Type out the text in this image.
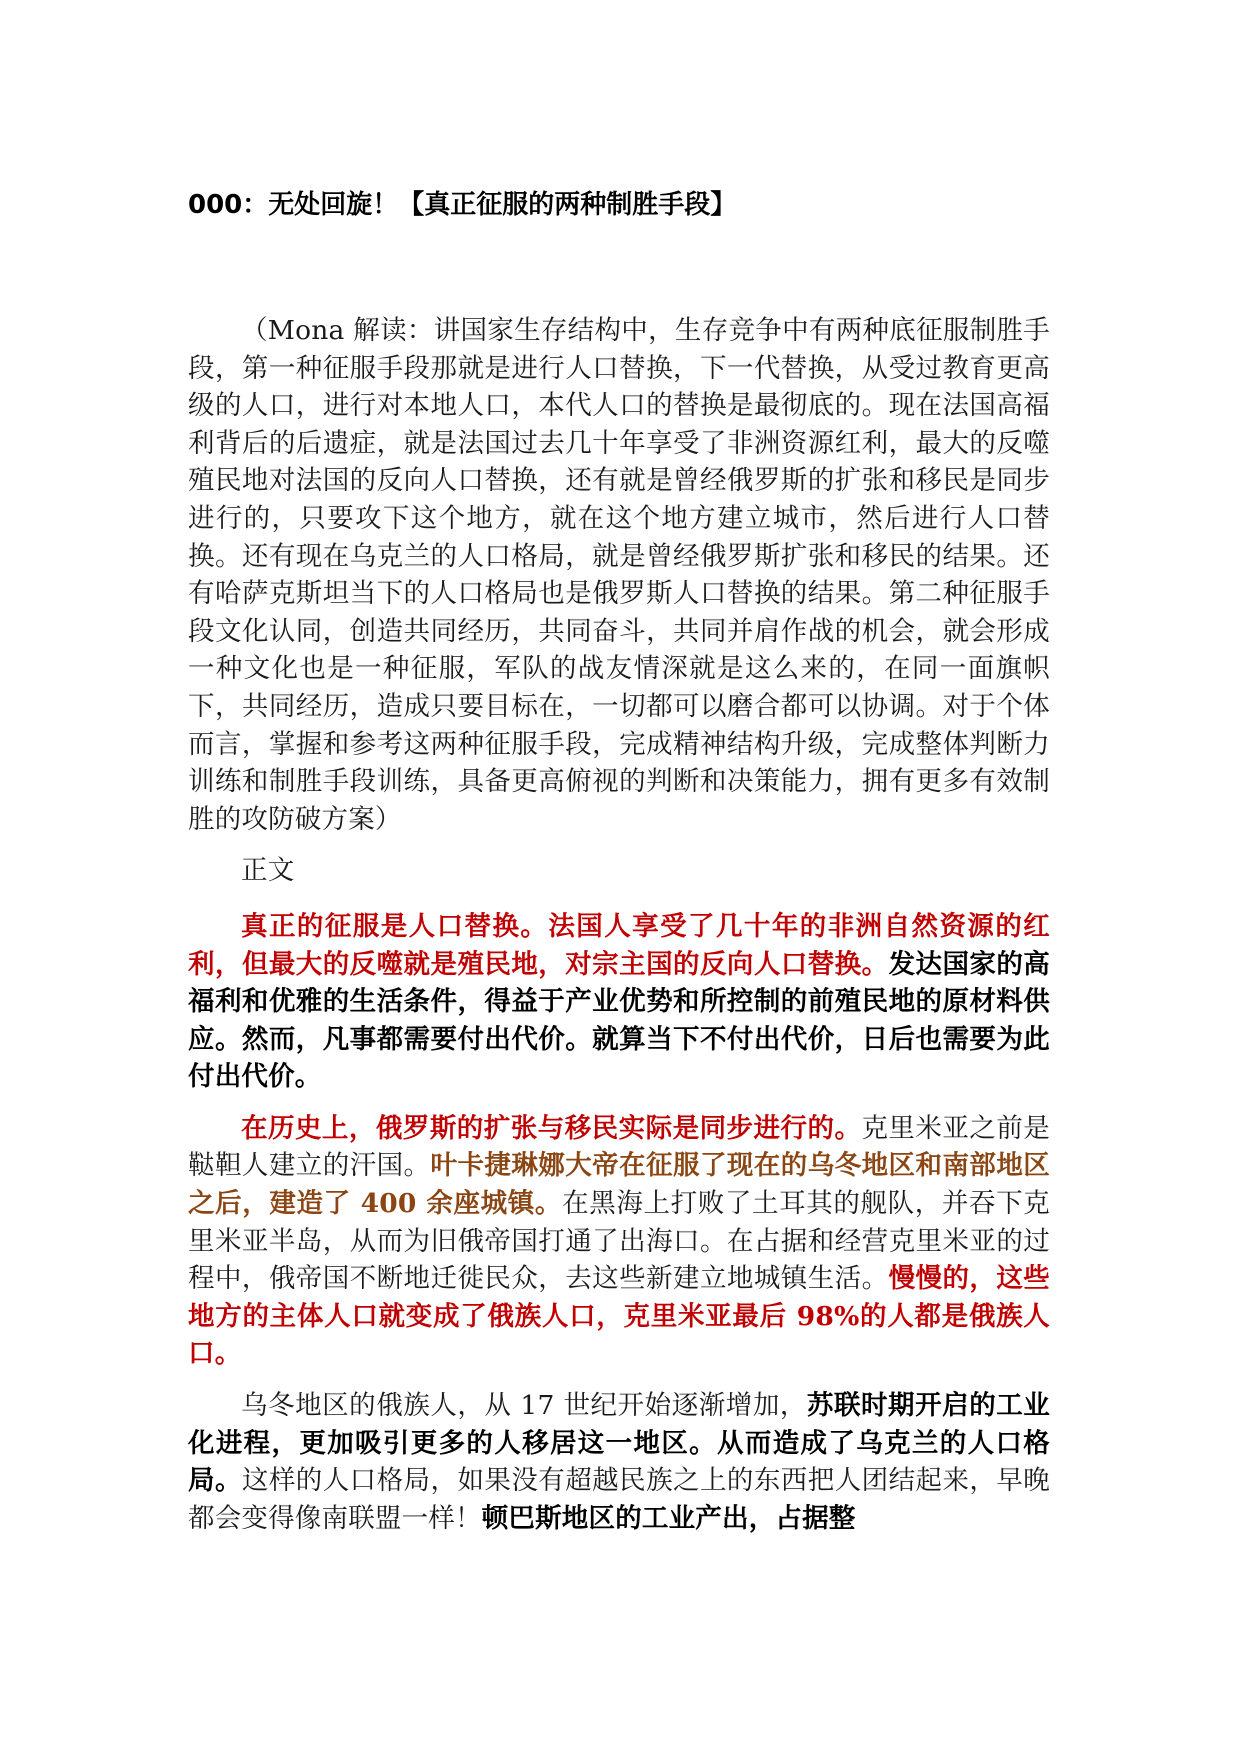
000：无处回旋！【真正征服的两种制胜手段】

（Mona 解读：讲国家生存结构中，生存竞争中有两种底征服制胜手段，第一种征服手段那就是进行人口替换，下一代替换，从受过教育更高级的人口，进行对本地人口，本代人口的替换是最彻底的。现在法国高福利背后的后遗症，就是法国过去几十年享受了非洲资源红利，最大的反噬殖民地对法国的反向人口替换，还有就是曾经俄罗斯的扩张和移民是同步进行的，只要攻下这个地方，就在这个地方建立城市，然后进行人口替换。还有现在乌克兰的人口格局，就是曾经俄罗斯扩张和移民的结果。还有哈萨克斯坦当下的人口格局也是俄罗斯人口替换的结果。第二种征服手段文化认同，创造共同经历，共同奋斗，共同并肩作战的机会，就会形成一种文化也是一种征服，军队的战友情深就是这么来的，在同一面旗帜下，共同经历，造成只要目标在，一切都可以磨合都可以协调。对于个体而言，掌握和参考这两种征服手段，完成精神结构升级，完成整体判断力训练和制胜手段训练，具备更高俯视的判断和决策能力，拥有更多有效制胜的攻防破方案）

正文

真正的征服是人口替换。法国人享受了几十年的非洲自然资源的红利，但最大的反噬就是殖民地，对宗主国的反向人口替换。发达国家的高福利和优雅的生活条件，得益于产业优势和所控制的前殖民地的原材料供应。然而，凡事都需要付出代价。就算当下不付出代价，日后也需要为此付出代价。

在历史上，俄罗斯的扩张与移民实际是同步进行的。克里米亚之前是鞑靼人建立的汗国。叶卡捷琳娜大帝在征服了现在的乌冬地区和南部地区之后，建造了 400 余座城镇。在黑海上打败了土耳其的舰队，并吞下克里米亚半岛，从而为旧俄帝国打通了出海口。在占据和经营克里米亚的过程中，俄帝国不断地迁徙民众，去这些新建立地城镇生活。慢慢的，这些地方的主体人口就变成了俄族人口，克里米亚最后 98%的人都是俄族人口。

乌冬地区的俄族人，从 17 世纪开始逐渐增加，苏联时期开启的工业化进程，更加吸引更多的人移居这一地区。从而造成了乌克兰的人口格局。这样的人口格局，如果没有超越民族之上的东西把人团结起来，早晚都会变得像南联盟一样！顿巴斯地区的工业产出，占据整
